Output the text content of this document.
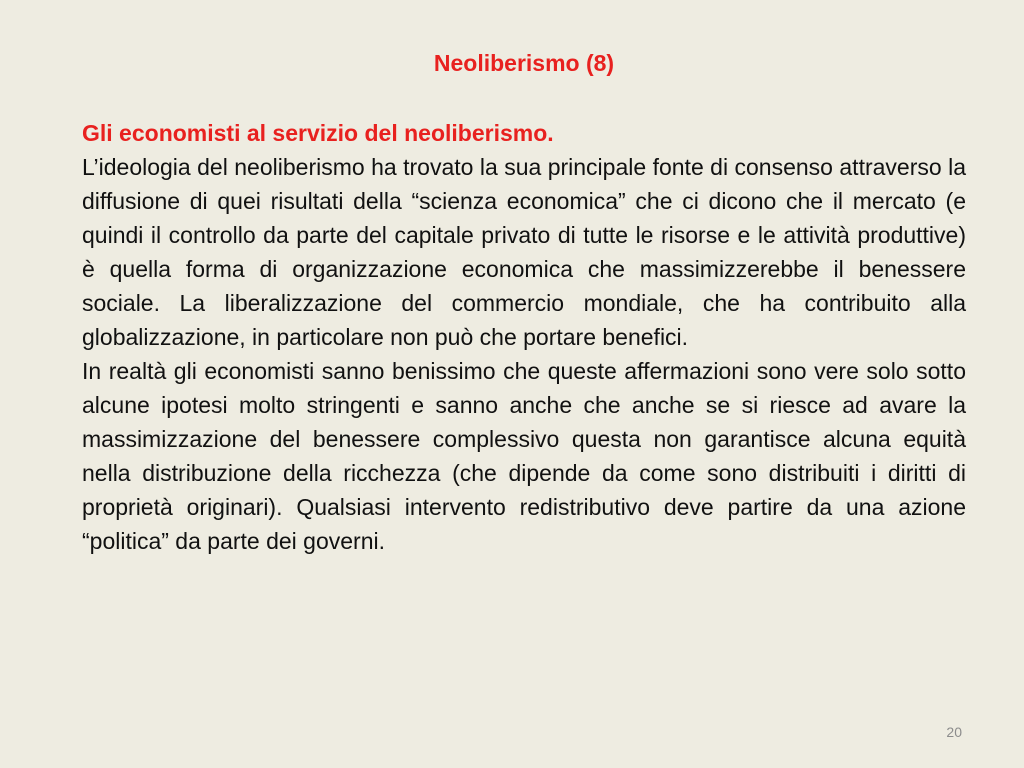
Neoliberismo (8)

Gli economisti al servizio del neoliberismo.

L’ideologia del neoliberismo ha trovato la sua principale fonte di consenso attraverso la diffusione di quei risultati della “scienza economica” che ci dicono che il mercato (e quindi il controllo da parte del capitale privato di tutte le risorse e le attività produttive) è quella forma di organizzazione economica che massimizzerebbe il benessere sociale. La liberalizzazione del commercio mondiale, che ha contribuito alla globalizzazione, in particolare non può che portare benefici.

In realtà gli economisti sanno benissimo che queste affermazioni sono vere solo sotto alcune ipotesi molto stringenti e sanno anche che anche se si riesce ad avare la massimizzazione del benessere complessivo questa non garantisce alcuna equità nella distribuzione della ricchezza (che dipende da come sono distribuiti i diritti di proprietà originari). Qualsiasi intervento redistributivo deve partire da una azione “politica” da parte dei governi.

20
